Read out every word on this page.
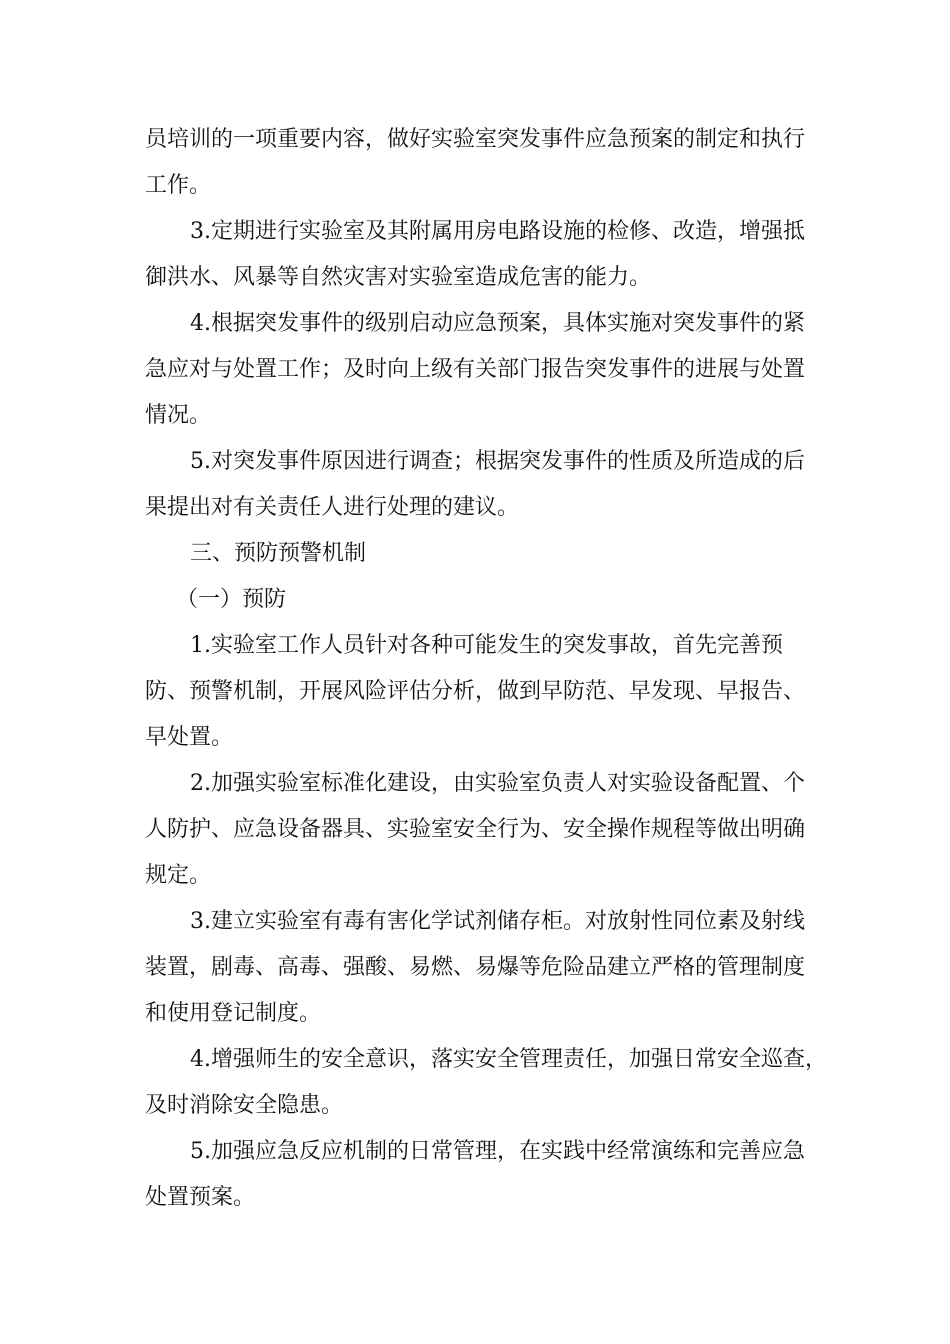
员培训的一项重要内容，做好实验室突发事件应急预案的制定和执行
工作。
3.定期进行实验室及其附属用房电路设施的检修、改造，增强抵
御洪水、风暴等自然灾害对实验室造成危害的能力。
4.根据突发事件的级别启动应急预案，具体实施对突发事件的紧
急应对与处置工作；及时向上级有关部门报告突发事件的进展与处置
情况。
5.对突发事件原因进行调查；根据突发事件的性质及所造成的后
果提出对有关责任人进行处理的建议。
三、预防预警机制
（一）预防
1.实验室工作人员针对各种可能发生的突发事故，首先完善预
防、预警机制，开展风险评估分析，做到早防范、早发现、早报告、
早处置。
2.加强实验室标准化建设，由实验室负责人对实验设备配置、个
人防护、应急设备器具、实验室安全行为、安全操作规程等做出明确
规定。
3.建立实验室有毒有害化学试剂储存柜。对放射性同位素及射线
装置，剧毒、高毒、强酸、易燃、易爆等危险品建立严格的管理制度
和使用登记制度。
4.增强师生的安全意识，落实安全管理责任，加强日常安全巡查，
及时消除安全隐患。
5.加强应急反应机制的日常管理，在实践中经常演练和完善应急
处置预案。
